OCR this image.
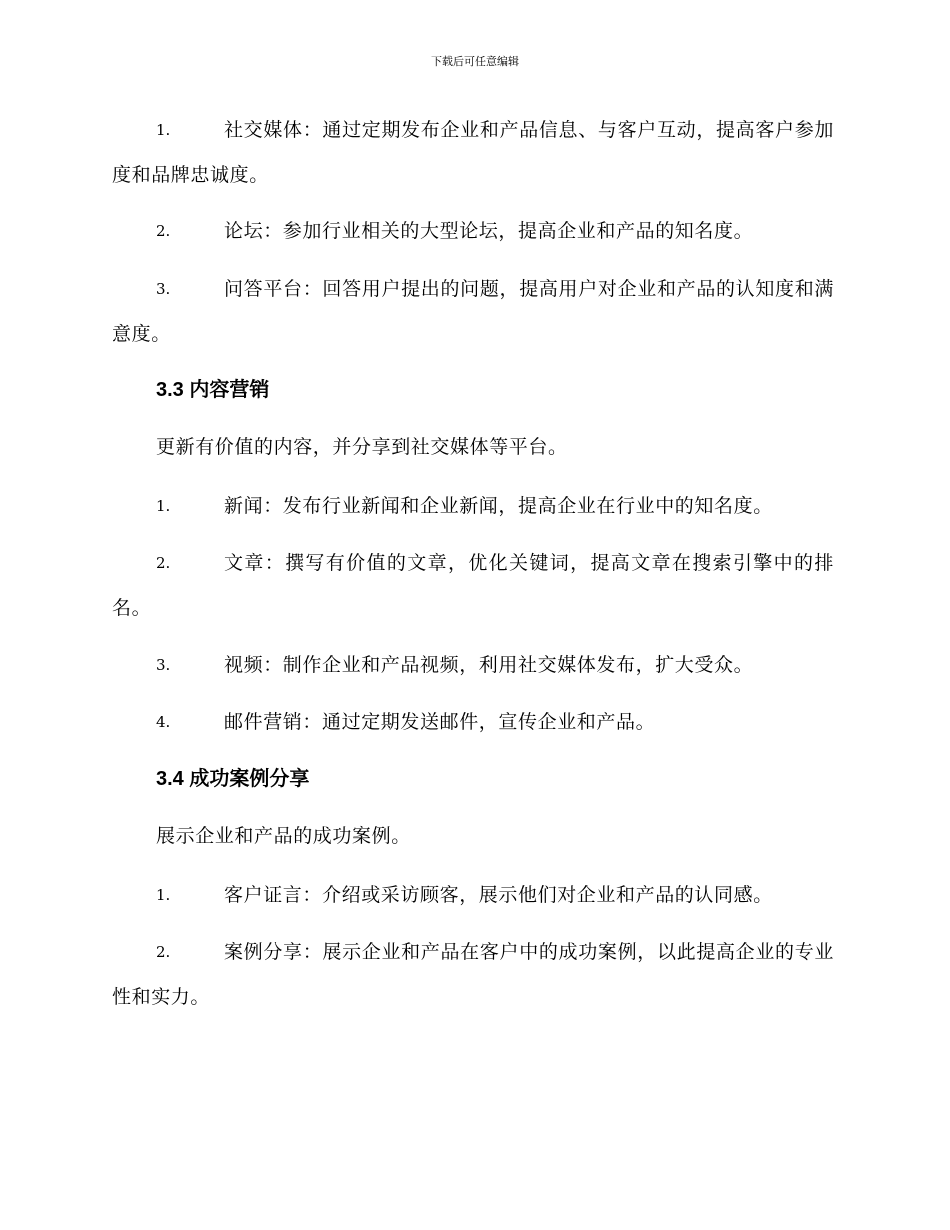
下载后可任意编辑
1.	社交媒体：通过定期发布企业和产品信息、与客户互动，提高客户参加度和品牌忠诚度。
2.	论坛：参加行业相关的大型论坛，提高企业和产品的知名度。
3.	问答平台：回答用户提出的问题，提高用户对企业和产品的认知度和满意度。
3.3 内容营销
更新有价值的内容，并分享到社交媒体等平台。
1.	新闻：发布行业新闻和企业新闻，提高企业在行业中的知名度。
2.	文章：撰写有价值的文章，优化关键词，提高文章在搜索引擎中的排名。
3.	视频：制作企业和产品视频，利用社交媒体发布，扩大受众。
4.	邮件营销：通过定期发送邮件，宣传企业和产品。
3.4 成功案例分享
展示企业和产品的成功案例。
1.	客户证言：介绍或采访顾客，展示他们对企业和产品的认同感。
2.	案例分享：展示企业和产品在客户中的成功案例，以此提高企业的专业性和实力。
